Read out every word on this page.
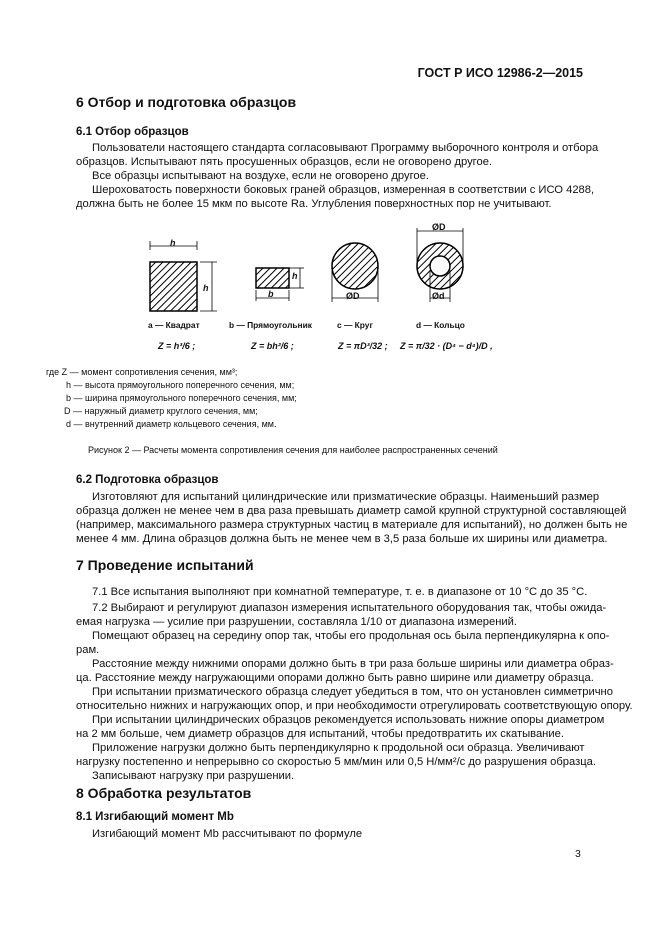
ГОСТ Р ИСО 12986-2—2015
6 Отбор и подготовка образцов
6.1 Отбор образцов
Пользователи настоящего стандарта согласовывают Программу выборочного контроля и отбора
образцов. Испытывают пять просушенных образцов, если не оговорено другое.
Все образцы испытывают на воздухе, если не оговорено другое.
Шероховатость поверхности боковых граней образцов, измеренная в соответствии с ИСО 4288,
должна быть не более 15 мкм по высоте Ra. Углубления поверхностных пор не учитывают.
h
h
h
b	ØD
ØD
Ød
a — Квадрат	b — Прямоугольник	c — Круг	d — Кольцо
Z = h³/6 ;	Z = bh²/6 ;	Z = πD³/32 ; Z = π/32 · (D⁴ − d⁴)/D ,
где Z — момент сопротивления сечения, мм³;
h — высота прямоугольного поперечного сечения, мм;
b — ширина прямоугольного поперечного сечения, мм;
D — наружный диаметр круглого сечения, мм;
d — внутренний диаметр кольцевого сечения, мм.
Рисунок 2 — Расчеты момента сопротивления сечения для наиболее распространенных сечений
6.2 Подготовка образцов
Изготовляют для испытаний цилиндрические или призматические образцы. Наименьший размер
образца должен не менее чем в два раза превышать диаметр самой крупной структурной составляющей
(например, максимального размера структурных частиц в материале для испытаний), но должен быть не
менее 4 мм. Длина образцов должна быть не менее чем в 3,5 раза больше их ширины или диаметра.
7 Проведение испытаний
7.1 Все испытания выполняют при комнатной температуре, т. е. в диапазоне от 10 °С до 35 °С.
7.2 Выбирают и регулируют диапазон измерения испытательного оборудования так, чтобы ожида-
емая нагрузка — усилие при разрушении, составляла 1/10 от диапазона измерений.
Помещают образец на середину опор так, чтобы его продольная ось была перпендикулярна к опо-
рам.
Расстояние между нижними опорами должно быть в три раза больше ширины или диаметра образ-
ца. Расстояние между нагружающими опорами должно быть равно ширине или диаметру образца.
При испытании призматического образца следует убедиться в том, что он установлен симметрично
относительно нижних и нагружающих опор, и при необходимости отрегулировать соответствующую опору.
При испытании цилиндрических образцов рекомендуется использовать нижние опоры диаметром
на 2 мм больше, чем диаметр образцов для испытаний, чтобы предотвратить их скатывание.
Приложение нагрузки должно быть перпендикулярно к продольной оси образца. Увеличивают
нагрузку постепенно и непрерывно со скоростью 5 мм/мин или 0,5 Н/мм²/с до разрушения образца.
Записывают нагрузку при разрушении.
8 Обработка результатов
8.1 Изгибающий момент Mb
Изгибающий момент Mb рассчитывают по формуле
3
